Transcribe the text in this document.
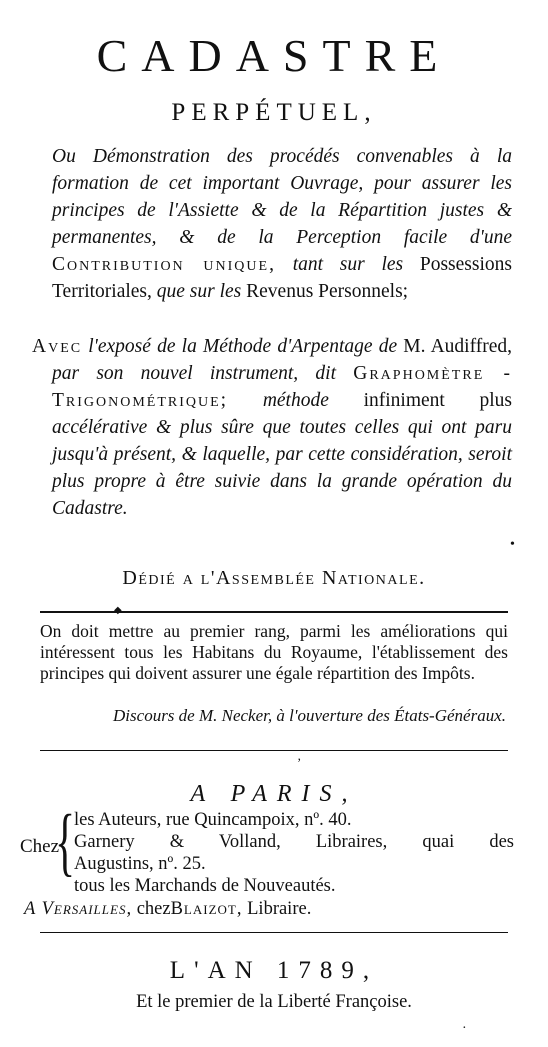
CADASTRE
PERPÉTUEL,
Ou Démonstration des procédés convenables à la formation de cet important Ouvrage, pour assurer les principes de l'Assiette & de la Répartition justes & permanentes, & de la Perception facile d'une Contribution unique, tant sur les Possessions Territoriales, que sur les Revenus Personnels;
Avec l'exposé de la Méthode d'Arpentage de M. Audiffred, par son nouvel instrument, dit Graphomètre - Trigonométrique; méthode infiniment plus accélérative & plus sûre que toutes celles qui ont paru jusqu'à présent, & laquelle, par cette considération, seroit plus propre à être suivie dans la grande opération du Cadastre.
•
Dédié a l'Assemblée Nationale.
◆
On doit mettre au premier rang, parmi les améliorations qui intéressent tous les Habitans du Royaume, l'établissement des principes qui doivent assurer une égale répartition des Impôts.
Discours de M. Necker, à l'ouverture des États-Généraux.
ʼ
A PARIS,
Chez
{
les Auteurs, rue Quincampoix, nº. 40.
Garnery & Volland, Libraires, quai des
Augustins, nº. 25.
tous les Marchands de Nouveautés.
A Versailles, chezBlaizot, Libraire.
L'AN 1789,
Et le premier de la Liberté Françoise.
·
